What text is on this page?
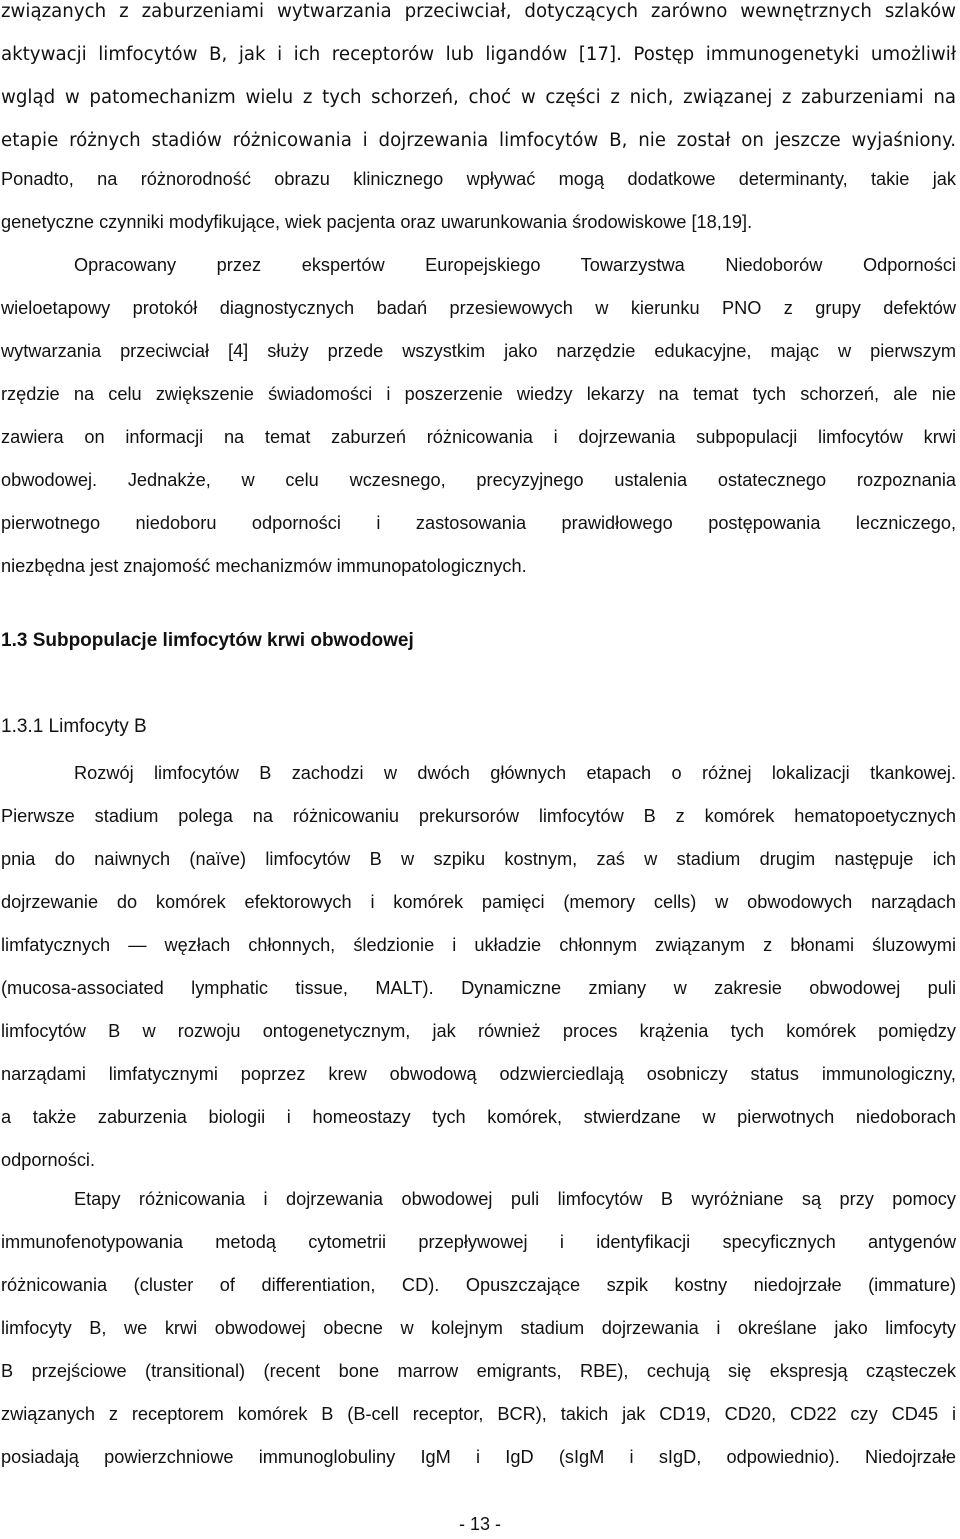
związanych z zaburzeniami wytwarzania przeciwciał, dotyczących zarówno wewnętrznych szlaków
aktywacji limfocytów B, jak i ich receptorów lub ligandów [17]. Postęp immunogenetyki umożliwił
wgląd w patomechanizm wielu z tych schorzeń, choć w części z nich, związanej z zaburzeniami na
etapie różnych stadiów różnicowania i dojrzewania limfocytów B, nie został on jeszcze wyjaśniony.
Ponadto, na różnorodność obrazu klinicznego wpływać mogą dodatkowe determinanty, takie jak
genetyczne czynniki modyfikujące, wiek pacjenta oraz uwarunkowania środowiskowe [18,19].
Opracowany przez ekspertów Europejskiego Towarzystwa Niedoborów Odporności
wieloetapowy protokół diagnostycznych badań przesiewowych w kierunku PNO z grupy defektów
wytwarzania przeciwciał [4] służy przede wszystkim jako narzędzie edukacyjne, mając w pierwszym
rzędzie na celu zwiększenie świadomości i poszerzenie wiedzy lekarzy na temat tych schorzeń, ale nie
zawiera on informacji na temat zaburzeń różnicowania i dojrzewania subpopulacji limfocytów krwi
obwodowej. Jednakże, w celu wczesnego, precyzyjnego ustalenia ostatecznego rozpoznania
pierwotnego niedoboru odporności i zastosowania prawidłowego postępowania leczniczego,
niezbędna jest znajomość mechanizmów immunopatologicznych.
1.3 Subpopulacje limfocytów krwi obwodowej
1.3.1 Limfocyty B
Rozwój limfocytów B zachodzi w dwóch głównych etapach o różnej lokalizacji tkankowej.
Pierwsze stadium polega na różnicowaniu prekursorów limfocytów B z komórek hematopoetycznych
pnia do naiwnych (naïve) limfocytów B w szpiku kostnym, zaś w stadium drugim następuje ich
dojrzewanie do komórek efektorowych i komórek pamięci (memory cells) w obwodowych narządach
limfatycznych ― węzłach chłonnych, śledzionie i układzie chłonnym związanym z błonami śluzowymi
(mucosa-associated lymphatic tissue, MALT). Dynamiczne zmiany w zakresie obwodowej puli
limfocytów B w rozwoju ontogenetycznym, jak również proces krążenia tych komórek pomiędzy
narządami limfatycznymi poprzez krew obwodową odzwierciedlają osobniczy status immunologiczny,
a także zaburzenia biologii i homeostazy tych komórek, stwierdzane w pierwotnych niedoborach
odporności.
Etapy różnicowania i dojrzewania obwodowej puli limfocytów B wyróżniane są przy pomocy
immunofenotypowania metodą cytometrii przepływowej i identyfikacji specyficznych antygenów
różnicowania (cluster of differentiation, CD). Opuszczające szpik kostny niedojrzałe (immature)
limfocyty B, we krwi obwodowej obecne w kolejnym stadium dojrzewania i określane jako limfocyty
B przejściowe (transitional) (recent bone marrow emigrants, RBE), cechują się ekspresją cząsteczek
związanych z receptorem komórek B (B-cell receptor, BCR), takich jak CD19, CD20, CD22 czy CD45 i
posiadają powierzchniowe immunoglobuliny IgM i IgD (sIgM i sIgD, odpowiednio). Niedojrzałe
- 13 -
